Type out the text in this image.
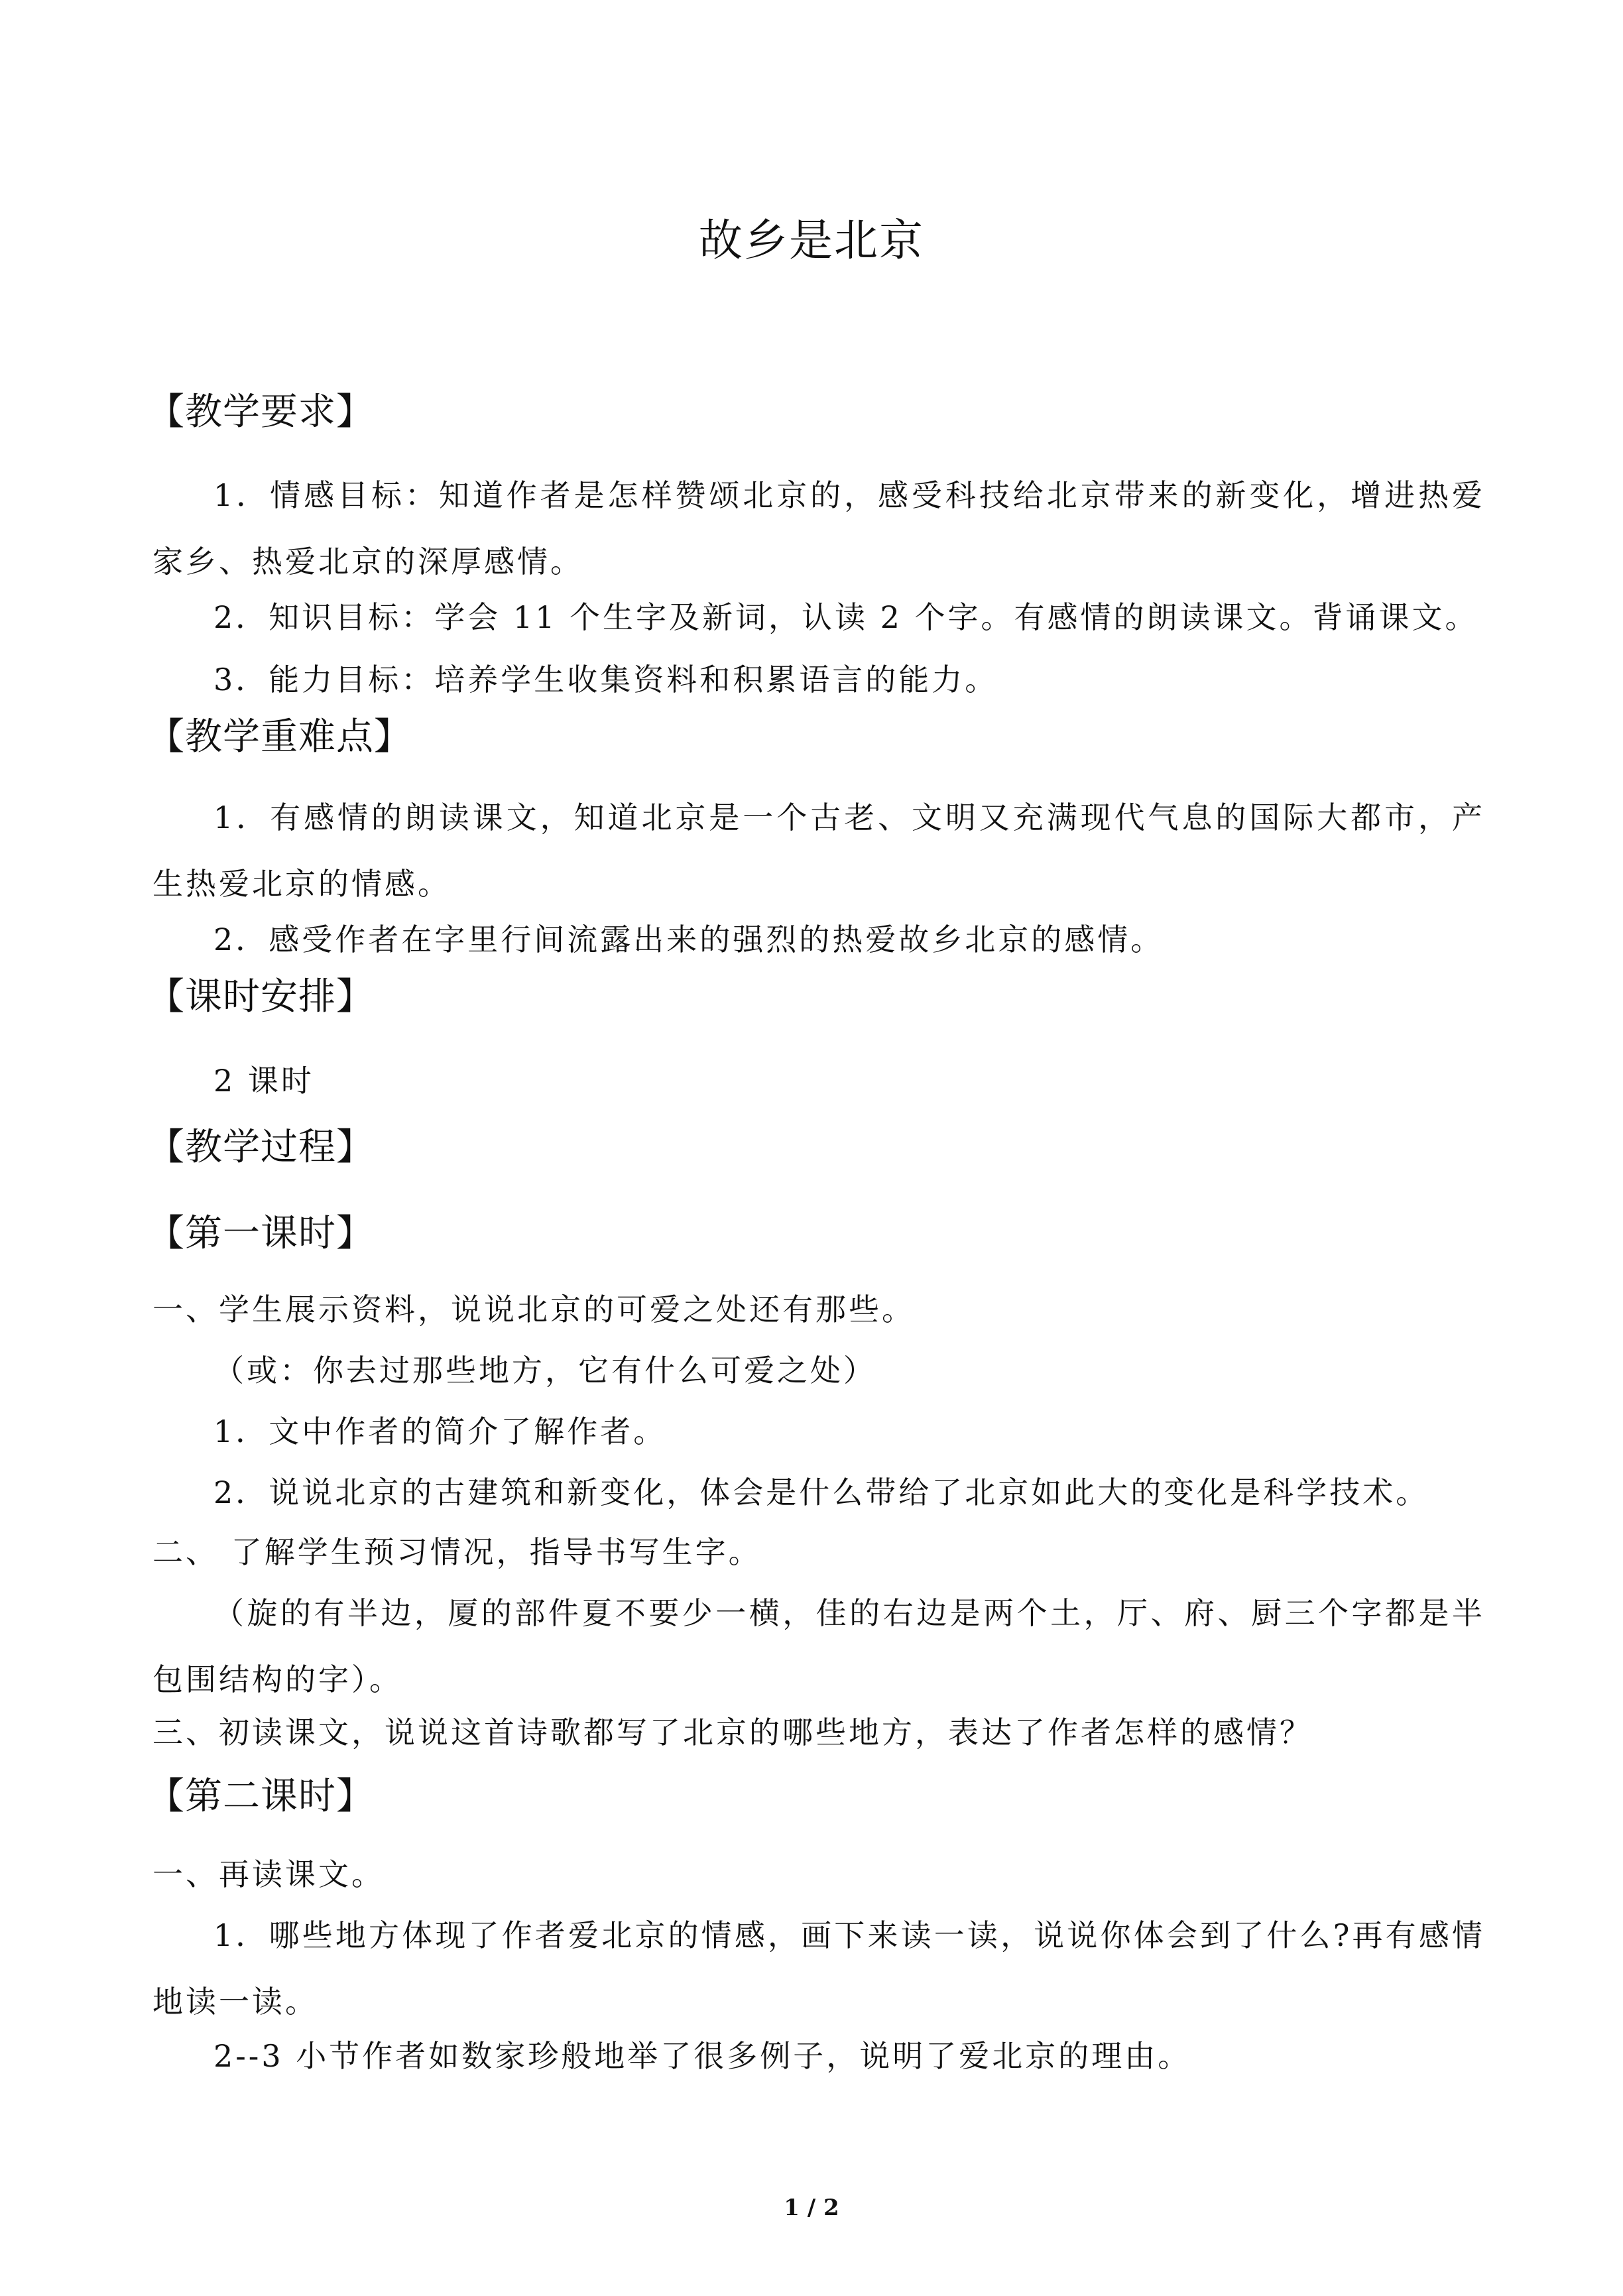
故乡是北京
【教学要求】

1．情感目标：知道作者是怎样赞颂北京的，感受科技给北京带来的新变化，增进热爱家乡、热爱北京的深厚感情。

2．知识目标：学会 11 个生字及新词，认读 2 个字。有感情的朗读课文。背诵课文。

3．能力目标：培养学生收集资料和积累语言的能力。

【教学重难点】

1．有感情的朗读课文，知道北京是一个古老、文明又充满现代气息的国际大都市，产生热爱北京的情感。

2．感受作者在字里行间流露出来的强烈的热爱故乡北京的感情。

【课时安排】

2 课时

【教学过程】
【第一课时】

一、学生展示资料，说说北京的可爱之处还有那些。

（或：你去过那些地方，它有什么可爱之处）

1．文中作者的简介了解作者。

2．说说北京的古建筑和新变化，体会是什么带给了北京如此大的变化是科学技术。

二、 了解学生预习情况，指导书写生字。

（旋的有半边，厦的部件夏不要少一横，佳的右边是两个土，厅、府、厨三个字都是半包围结构的字）。

三、初读课文，说说这首诗歌都写了北京的哪些地方，表达了作者怎样的感情？

【第二课时】

一、再读课文。

1．哪些地方体现了作者爱北京的情感，画下来读一读，说说你体会到了什么?再有感情地读一读。

2--3 小节作者如数家珍般地举了很多例子，说明了爱北京的理由。

1 / 2
